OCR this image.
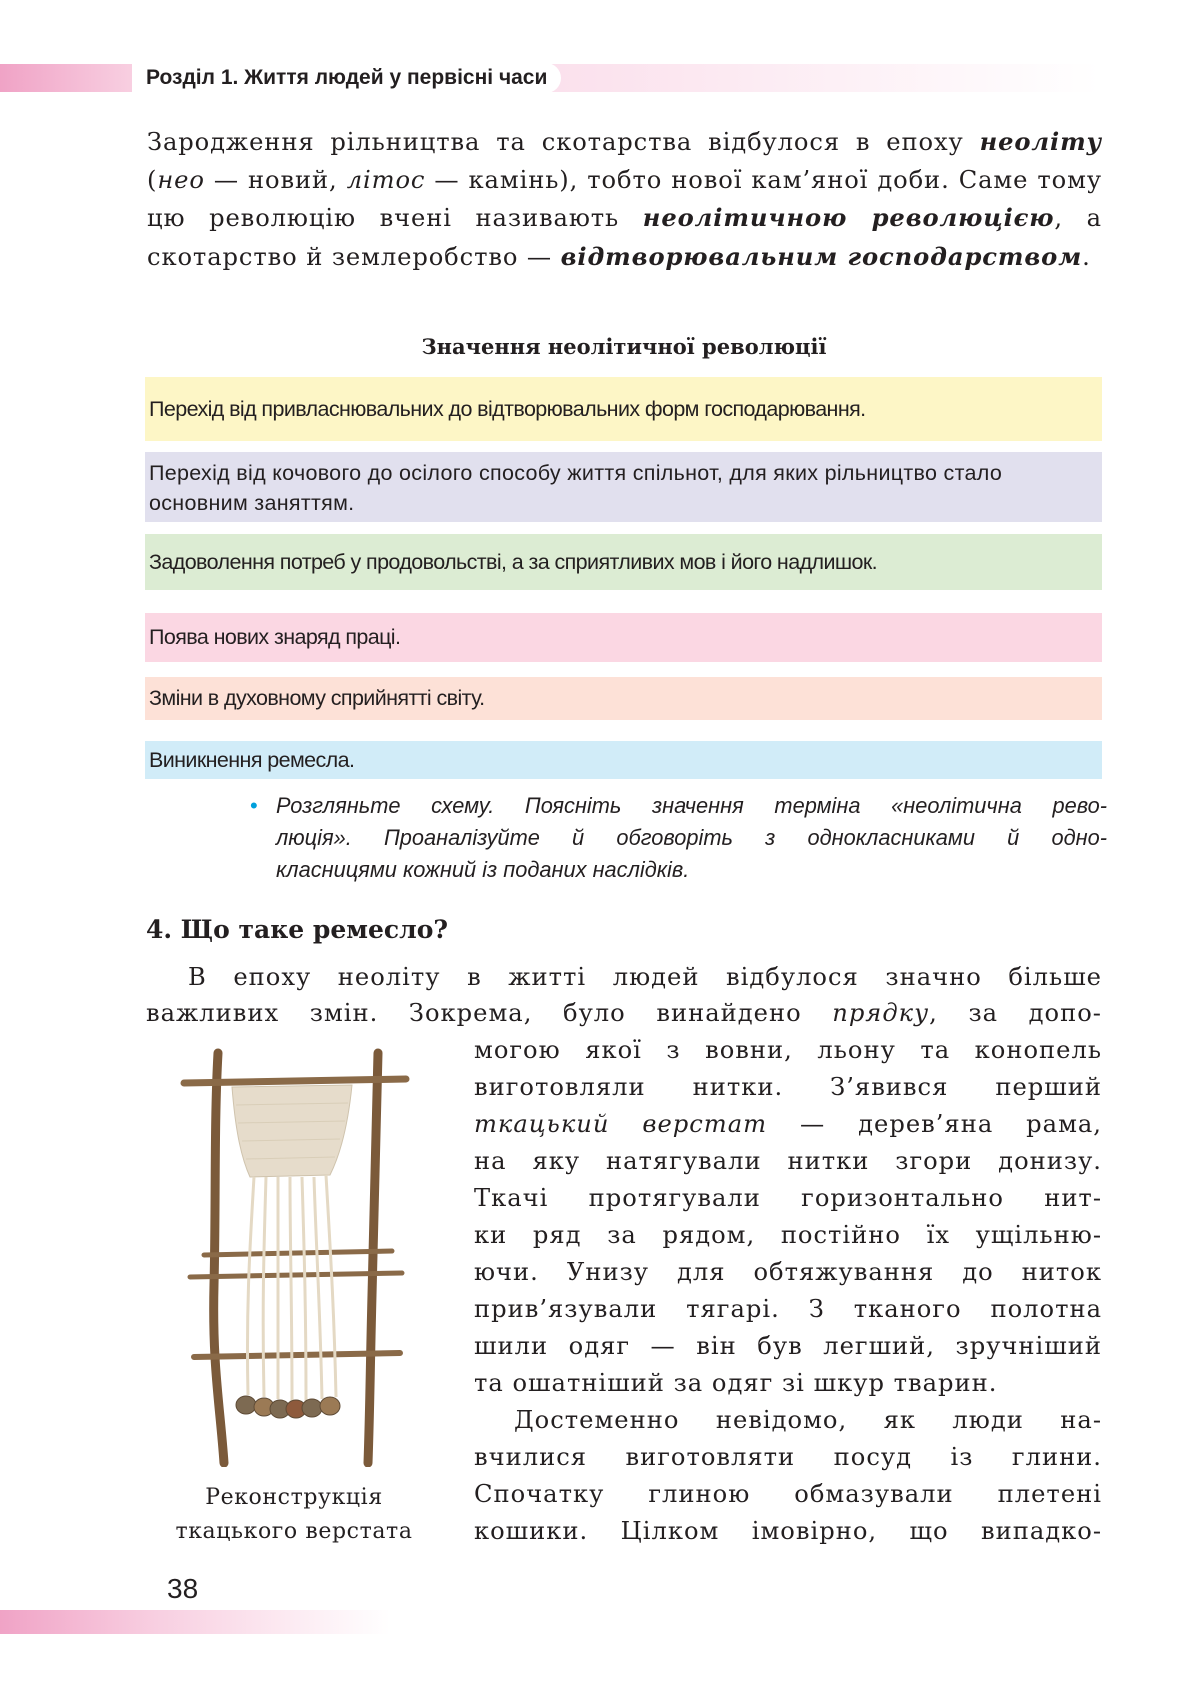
Розділ 1. Життя людей у первісні часи

Зародження рільництва та скотарства відбулося в епоху неоліту (нео — новий, літос — камінь), тобто нової кам’яної доби. Саме тому цю революцію вчені називають неолітичною революцією, а скотарство й землеробство — відтворювальним господарством.

Значення неолітичної революції

Перехід від привласнювальних до відтворювальних форм господарювання.
Перехід від кочового до осілого способу життя спільнот, для яких рільництво стало основним заняттям.
Задоволення потреб у продовольстві, а за сприятливих мов і його надлишок.
Поява нових знаряд праці.
Зміни в духовному сприйнятті світу.
Виникнення ремесла.
• Розгляньте схему. Поясніть значення терміна «неолітична рево-
люція». Проаналізуйте й обговоріть з однокласниками й одно-
класницями кожний із поданих наслідків.

4. Що таке ремесло?

В епоху неоліту в житті людей відбулося значно більше
важливих змін. Зокрема, було винайдено прядку, за допо-
могою якої з вовни, льону та конопель
виготовляли нитки. З’явився перший
ткацький верстат — дерев’яна рама,
на яку натягували нитки згори донизу.
Ткачі протягували горизонтально нит-
ки ряд за рядом, постійно їх ущільню-
ючи. Унизу для обтяжування до ниток
прив’язували тягарі. З тканого полотна
шили одяг — він був легший, зручніший
та ошатніший за одяг зі шкур тварин.
Достеменно невідомо, як люди на-
вчилися виготовляти посуд із глини.
Спочатку глиною обмазували плетені
кошики. Цілком імовірно, що випадко-
Реконструкція
ткацького верстата
38
